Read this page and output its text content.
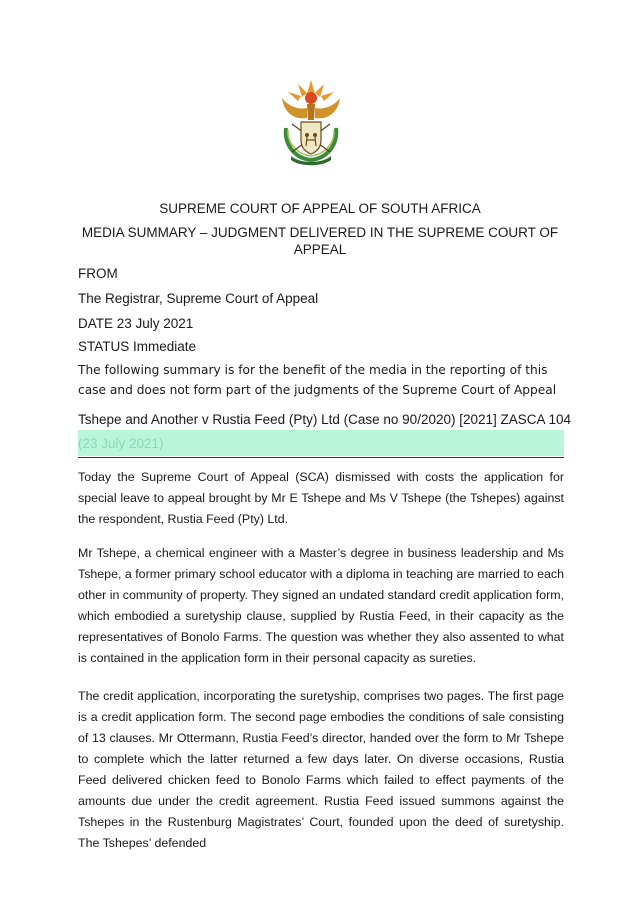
SUPREME COURT OF APPEAL OF SOUTH AFRICA
MEDIA SUMMARY – JUDGMENT DELIVERED IN THE SUPREME COURT OF APPEAL
FROM
The Registrar, Supreme Court of Appeal
DATE 23 July 2021
STATUS Immediate
The following summary is for the benefit of the media in the reporting of this case and does not form part of the judgments of the Supreme Court of Appeal
Tshepe and Another v Rustia Feed (Pty) Ltd (Case no 90/2020) [2021] ZASCA 104
(23 July 2021)
Today the Supreme Court of Appeal (SCA) dismissed with costs the application for special leave to appeal brought by Mr E Tshepe and Ms V Tshepe (the Tshepes) against the respondent, Rustia Feed (Pty) Ltd.
Mr Tshepe, a chemical engineer with a Master’s degree in business leadership and Ms Tshepe, a former primary school educator with a diploma in teaching are married to each other in community of property. They signed an undated standard credit application form, which embodied a suretyship clause, supplied by Rustia Feed, in their capacity as the representatives of Bonolo Farms. The question was whether they also assented to what is contained in the application form in their personal capacity as sureties.
The credit application, incorporating the suretyship, comprises two pages. The first page is a credit application form. The second page embodies the conditions of sale consisting of 13 clauses. Mr Ottermann, Rustia Feed’s director, handed over the form to Mr Tshepe to complete which the latter returned a few days later. On diverse occasions, Rustia Feed delivered chicken feed to Bonolo Farms which failed to effect payments of the amounts due under the credit agreement. Rustia Feed issued summons against the Tshepes in the Rustenburg Magistrates’ Court, founded upon the deed of suretyship. The Tshepes’ defended
